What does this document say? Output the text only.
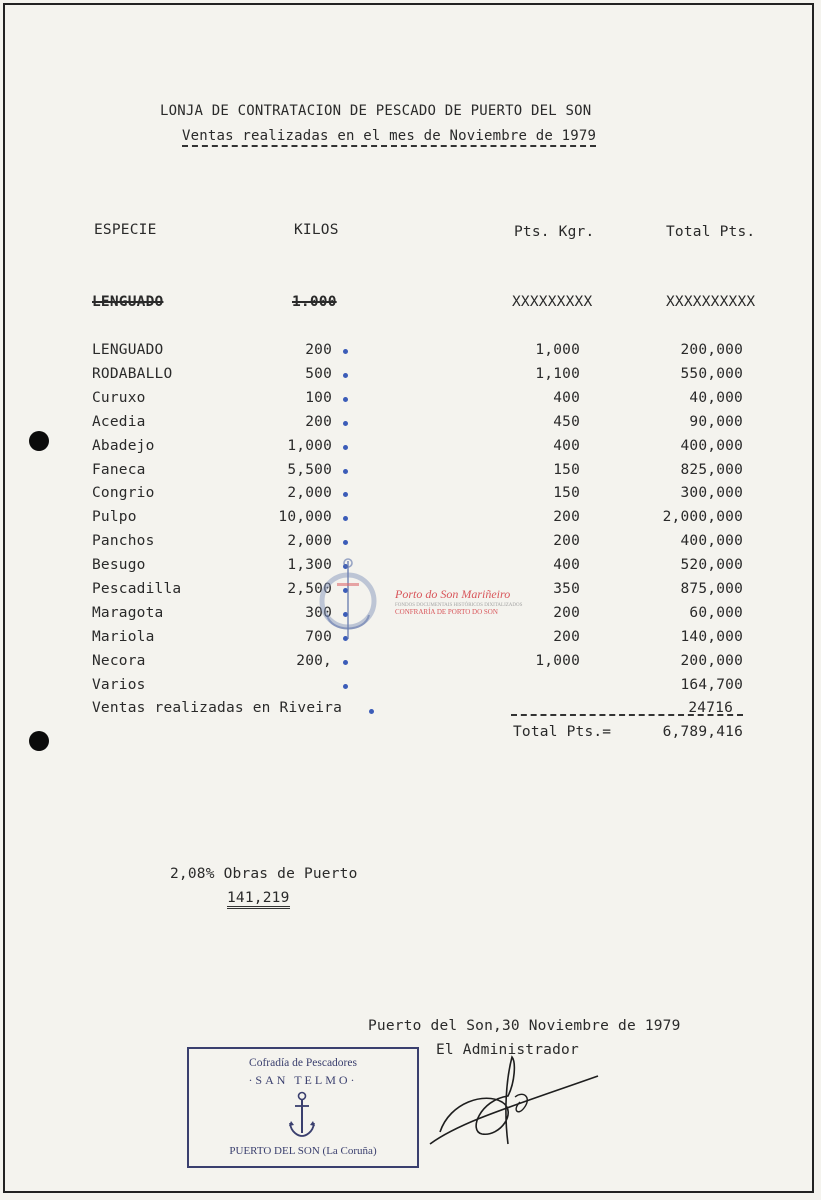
LONJA DE CONTRATACION DE PESCADO DE PUERTO DEL SON
Ventas realizadas en el mes de Noviembre de 1979
ESPECIE	KILOS	Pts. Kgr.	Total Pts.
LENGUADO	1.000	XXXXXXXXX	XXXXXXXXXX
LENGUADO	200	1,000	200,000
RODABALLO	500	1,100	550,000
Curuxo	100	400	40,000
Acedia	200	450	90,000
Abadejo	1,000	400	400,000
Faneca	5,500	150	825,000
Congrio	2,000	150	300,000
Pulpo	10,000	200	2,000,000
Panchos	2,000	200	400,000
Besugo	1,300	400	520,000
Pescadilla	2,500	350	875,000
Maragota	300	200	60,000
Mariola	700	200	140,000
Necora	200,	1,000	200,000
Varios	164,700
Ventas realizadas en Riveira	24716
Total Pts.=	6,789,416
2,08% Obras de Puerto
141,219
Puerto del Son,30 Noviembre de 1979
El Administrador
Cofradía de Pescadores
·SAN TELMO·
PUERTO DEL SON (La Coruña)
Porto do Son Mariñeiro
FONDOS DOCUMENTAIS HISTÓRICOS DIXITALIZADOS
CONFRARÍA DE PORTO DO SON
